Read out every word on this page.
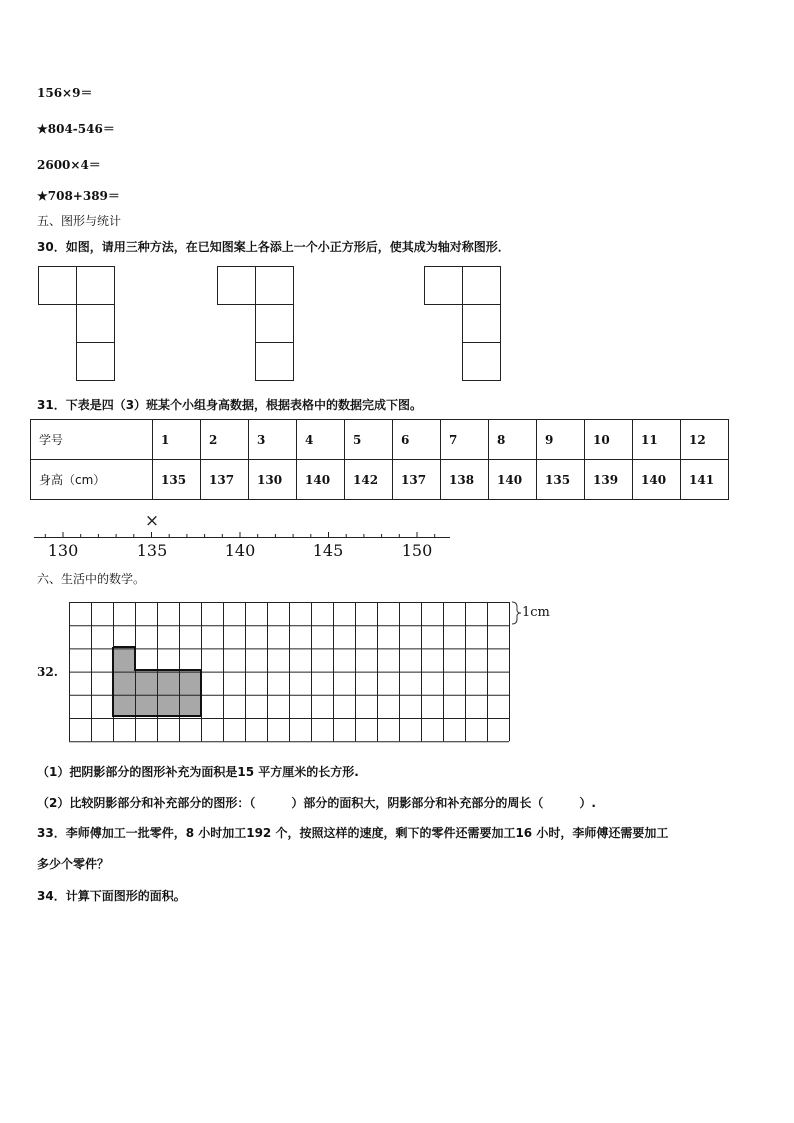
156×9＝
★804-546＝
2600×4＝
★708+389＝
五、图形与统计
30．如图，请用三种方法，在已知图案上各添上一个小正方形后，使其成为轴对称图形．
31．下表是四（3）班某个小组身高数据，根据表格中的数据完成下图。
学号	1	2	3	4	5	6	7	8	9	10	11	12
身高（cm）	135	137	130	140	142	137	138	140	135	139	140	141
×
130	135	140	145	150
六、生活中的数学。
32.
1cm
（1）把阴影部分的图形补充为面积是15 平方厘米的长方形.
（2）比较阴影部分和补充部分的图形：（　　　）部分的面积大，阴影部分和补充部分的周长（　　　）.
33．李师傅加工一批零件，8 小时加工192 个，按照这样的速度，剩下的零件还需要加工16 小时，李师傅还需要加工
多少个零件？
34．计算下面图形的面积。
